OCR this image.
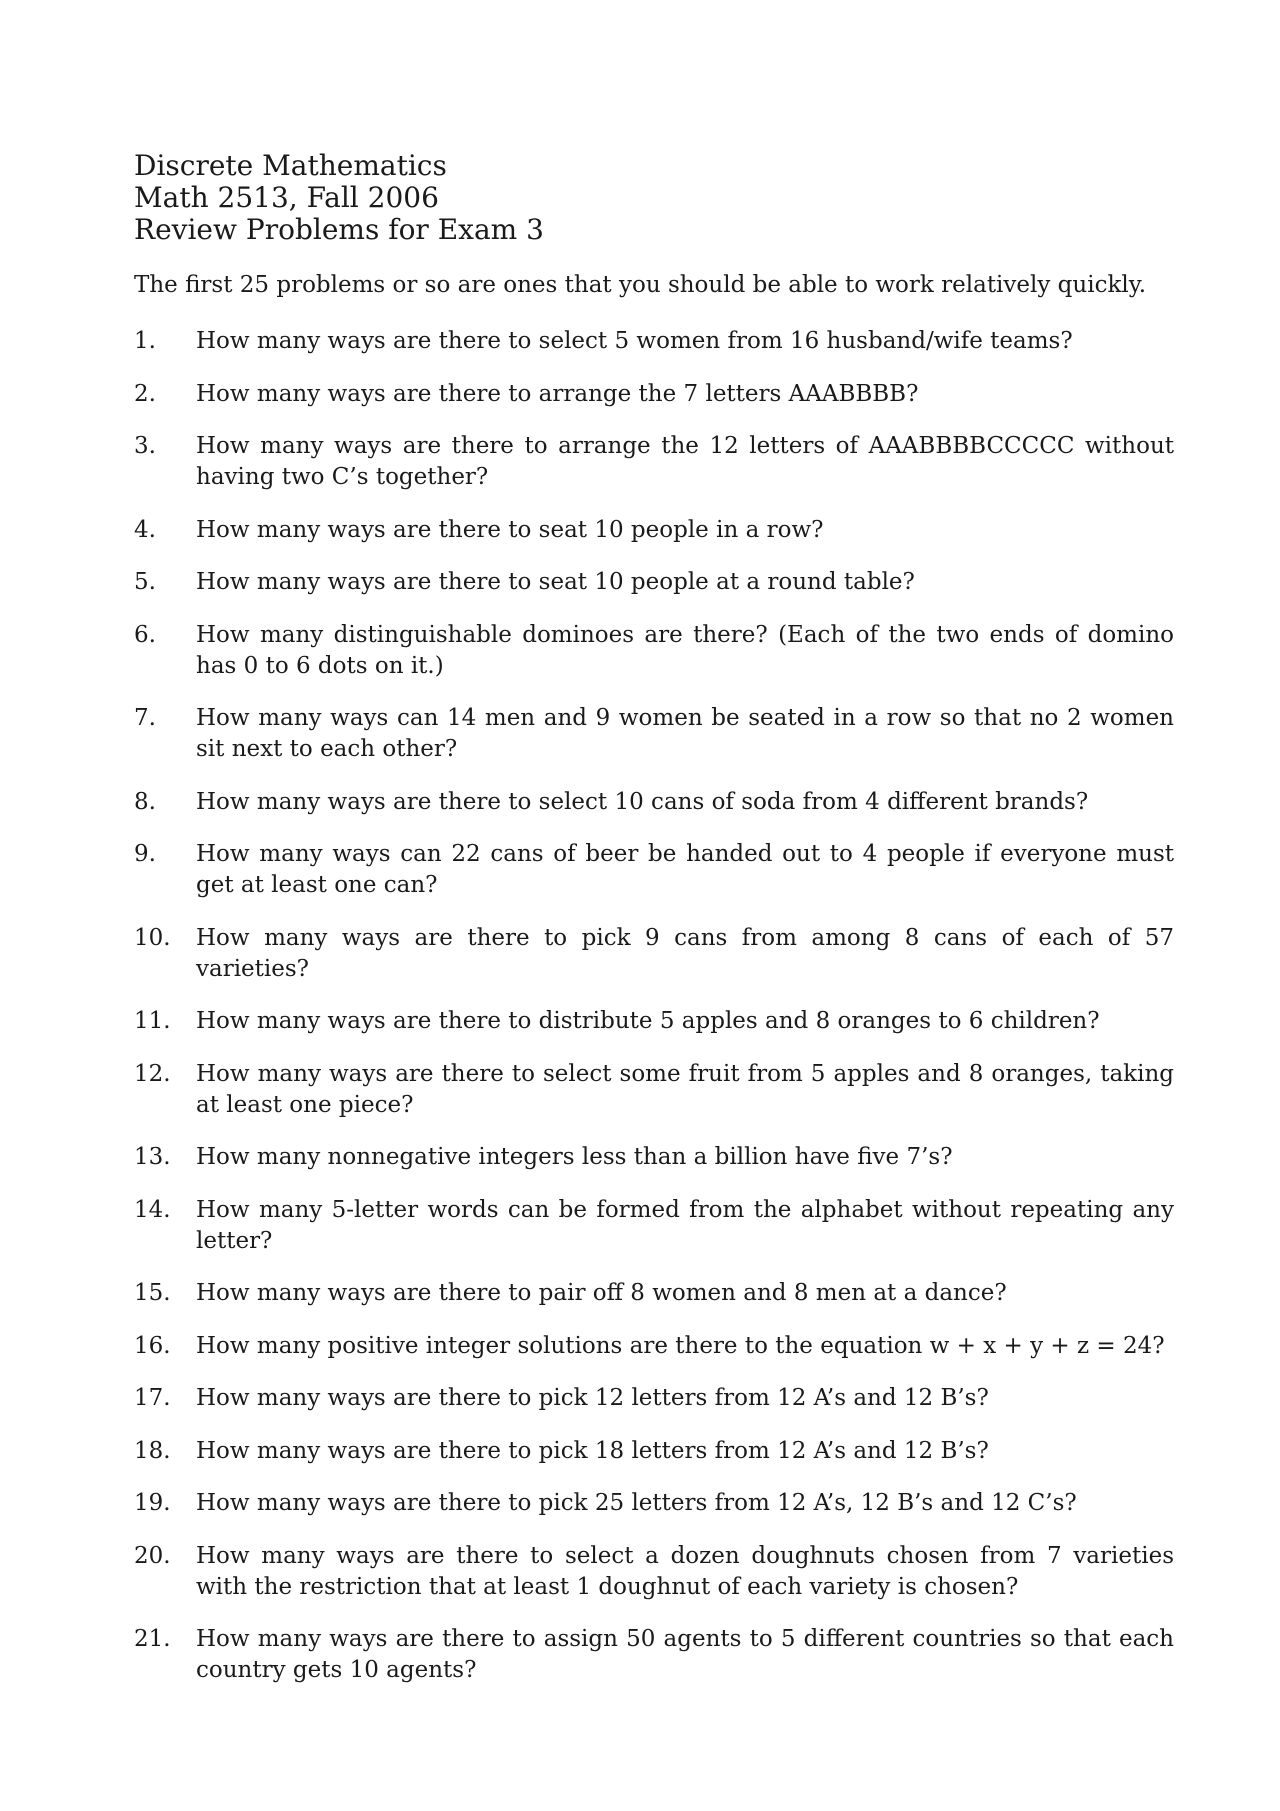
Discrete Mathematics
Math 2513, Fall 2006
Review Problems for Exam 3
The first 25 problems or so are ones that you should be able to work relatively quickly.
1.	How many ways are there to select 5 women from 16 husband/wife teams?
2.	How many ways are there to arrange the 7 letters AAABBBB?
3.	How many ways are there to arrange the 12 letters of AAABBBBCCCCC without having two C’s together?
4.	How many ways are there to seat 10 people in a row?
5.	How many ways are there to seat 10 people at a round table?
6.	How many distinguishable dominoes are there? (Each of the two ends of domino has 0 to 6 dots on it.)
7.	How many ways can 14 men and 9 women be seated in a row so that no 2 women sit next to each other?
8.	How many ways are there to select 10 cans of soda from 4 different brands?
9.	How many ways can 22 cans of beer be handed out to 4 people if everyone must get at least one can?
10.	How many ways are there to pick 9 cans from among 8 cans of each of 57 varieties?
11.	How many ways are there to distribute 5 apples and 8 oranges to 6 children?
12.	How many ways are there to select some fruit from 5 apples and 8 oranges, taking at least one piece?
13.	How many nonnegative integers less than a billion have five 7’s?
14.	How many 5-letter words can be formed from the alphabet without repeating any letter?
15.	How many ways are there to pair off 8 women and 8 men at a dance?
16.	How many positive integer solutions are there to the equation w + x + y + z = 24?
17.	How many ways are there to pick 12 letters from 12 A’s and 12 B’s?
18.	How many ways are there to pick 18 letters from 12 A’s and 12 B’s?
19.	How many ways are there to pick 25 letters from 12 A’s, 12 B’s and 12 C’s?
20.	How many ways are there to select a dozen doughnuts chosen from 7 varieties with the restriction that at least 1 doughnut of each variety is chosen?
21.	How many ways are there to assign 50 agents to 5 different countries so that each country gets 10 agents?
